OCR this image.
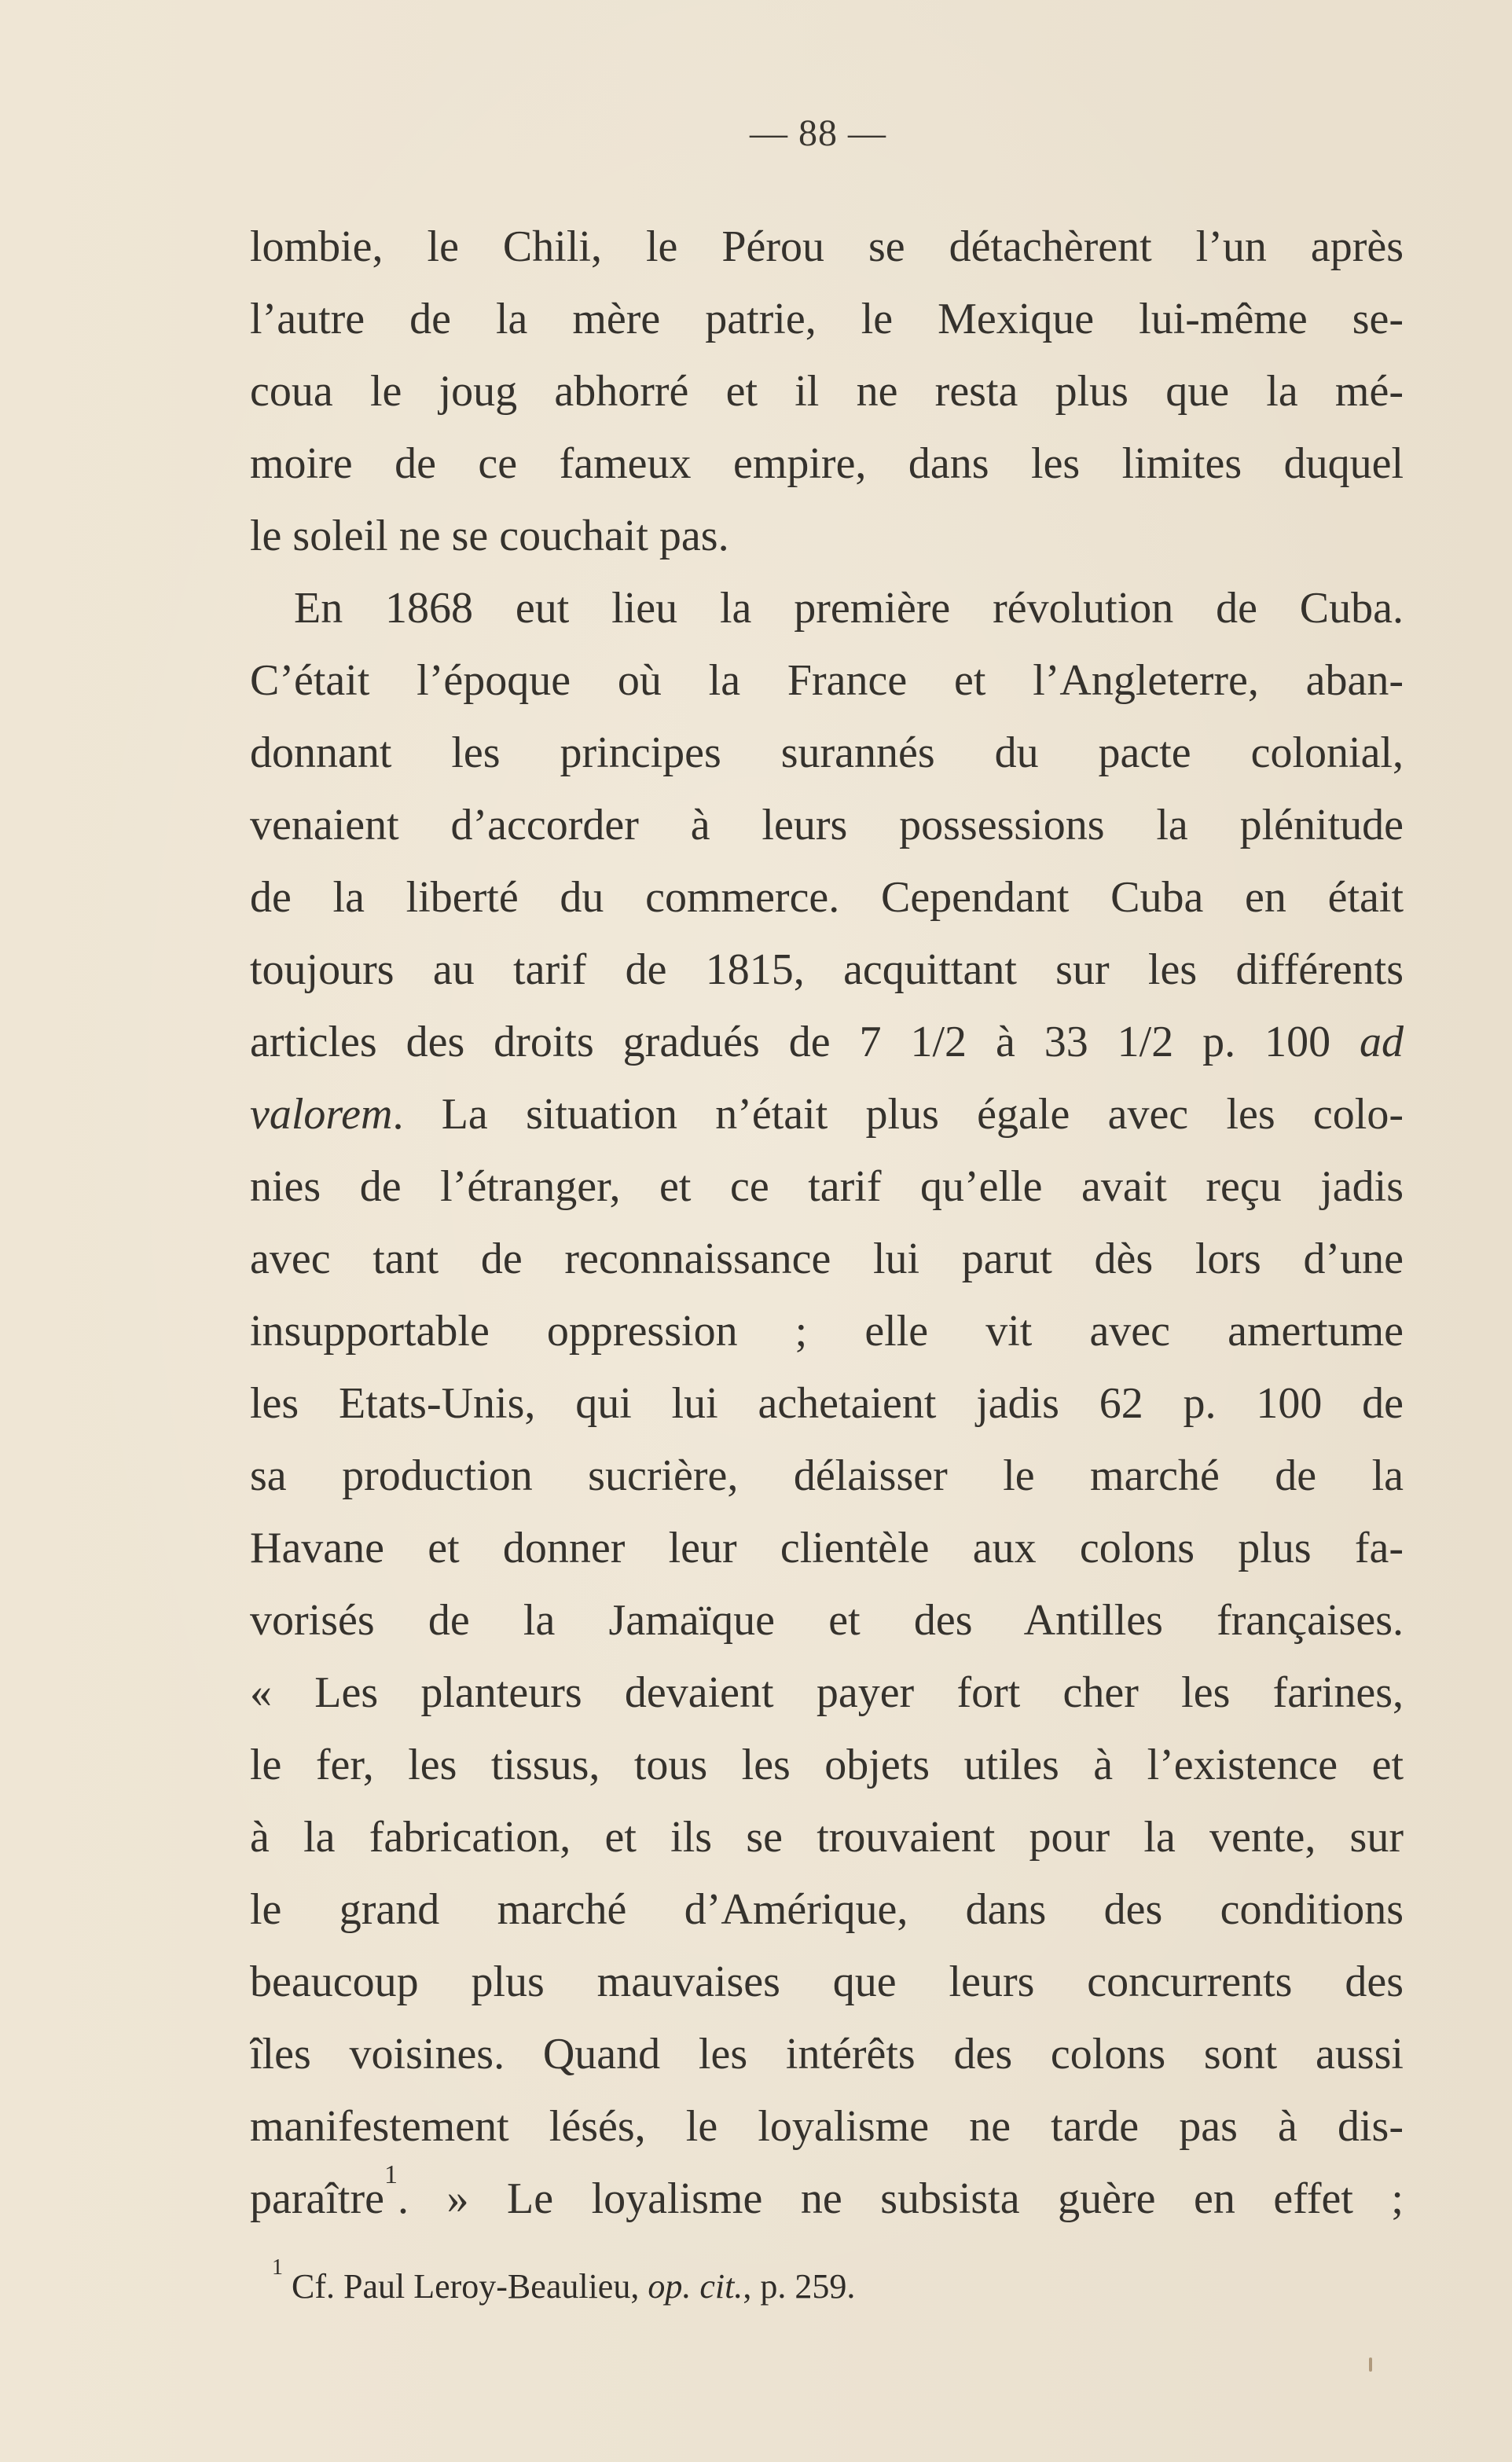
— 88 —
lombie, le Chili, le Pérou se détachèrent l’un après
l’autre de la mère patrie, le Mexique lui-même se-
coua le joug abhorré et il ne resta plus que la mé-
moire de ce fameux empire, dans les limites duquel
le soleil ne se couchait pas.
En 1868 eut lieu la première révolution de Cuba.
C’était l’époque où la France et l’Angleterre, aban-
donnant les principes surannés du pacte colonial,
venaient d’accorder à leurs possessions la plénitude
de la liberté du commerce. Cependant Cuba en était
toujours au tarif de 1815, acquittant sur les différents
articles des droits gradués de 7 1/2 à 33 1/2 p. 100 ad
valorem. La situation n’était plus égale avec les colo-
nies de l’étranger, et ce tarif qu’elle avait reçu jadis
avec tant de reconnaissance lui parut dès lors d’une
insupportable oppression ; elle vit avec amertume
les Etats-Unis, qui lui achetaient jadis 62 p. 100 de
sa production sucrière, délaisser le marché de la
Havane et donner leur clientèle aux colons plus fa-
vorisés de la Jamaïque et des Antilles françaises.
« Les planteurs devaient payer fort cher les farines,
le fer, les tissus, tous les objets utiles à l’existence et
à la fabrication, et ils se trouvaient pour la vente, sur
le grand marché d’Amérique, dans des conditions
beaucoup plus mauvaises que leurs concurrents des
îles voisines. Quand les intérêts des colons sont aussi
manifestement lésés, le loyalisme ne tarde pas à dis-
paraître$^1$. » Le loyalisme ne subsista guère en effet ;
$^1$ Cf. Paul Leroy-Beaulieu, op. cit., p. 259.
